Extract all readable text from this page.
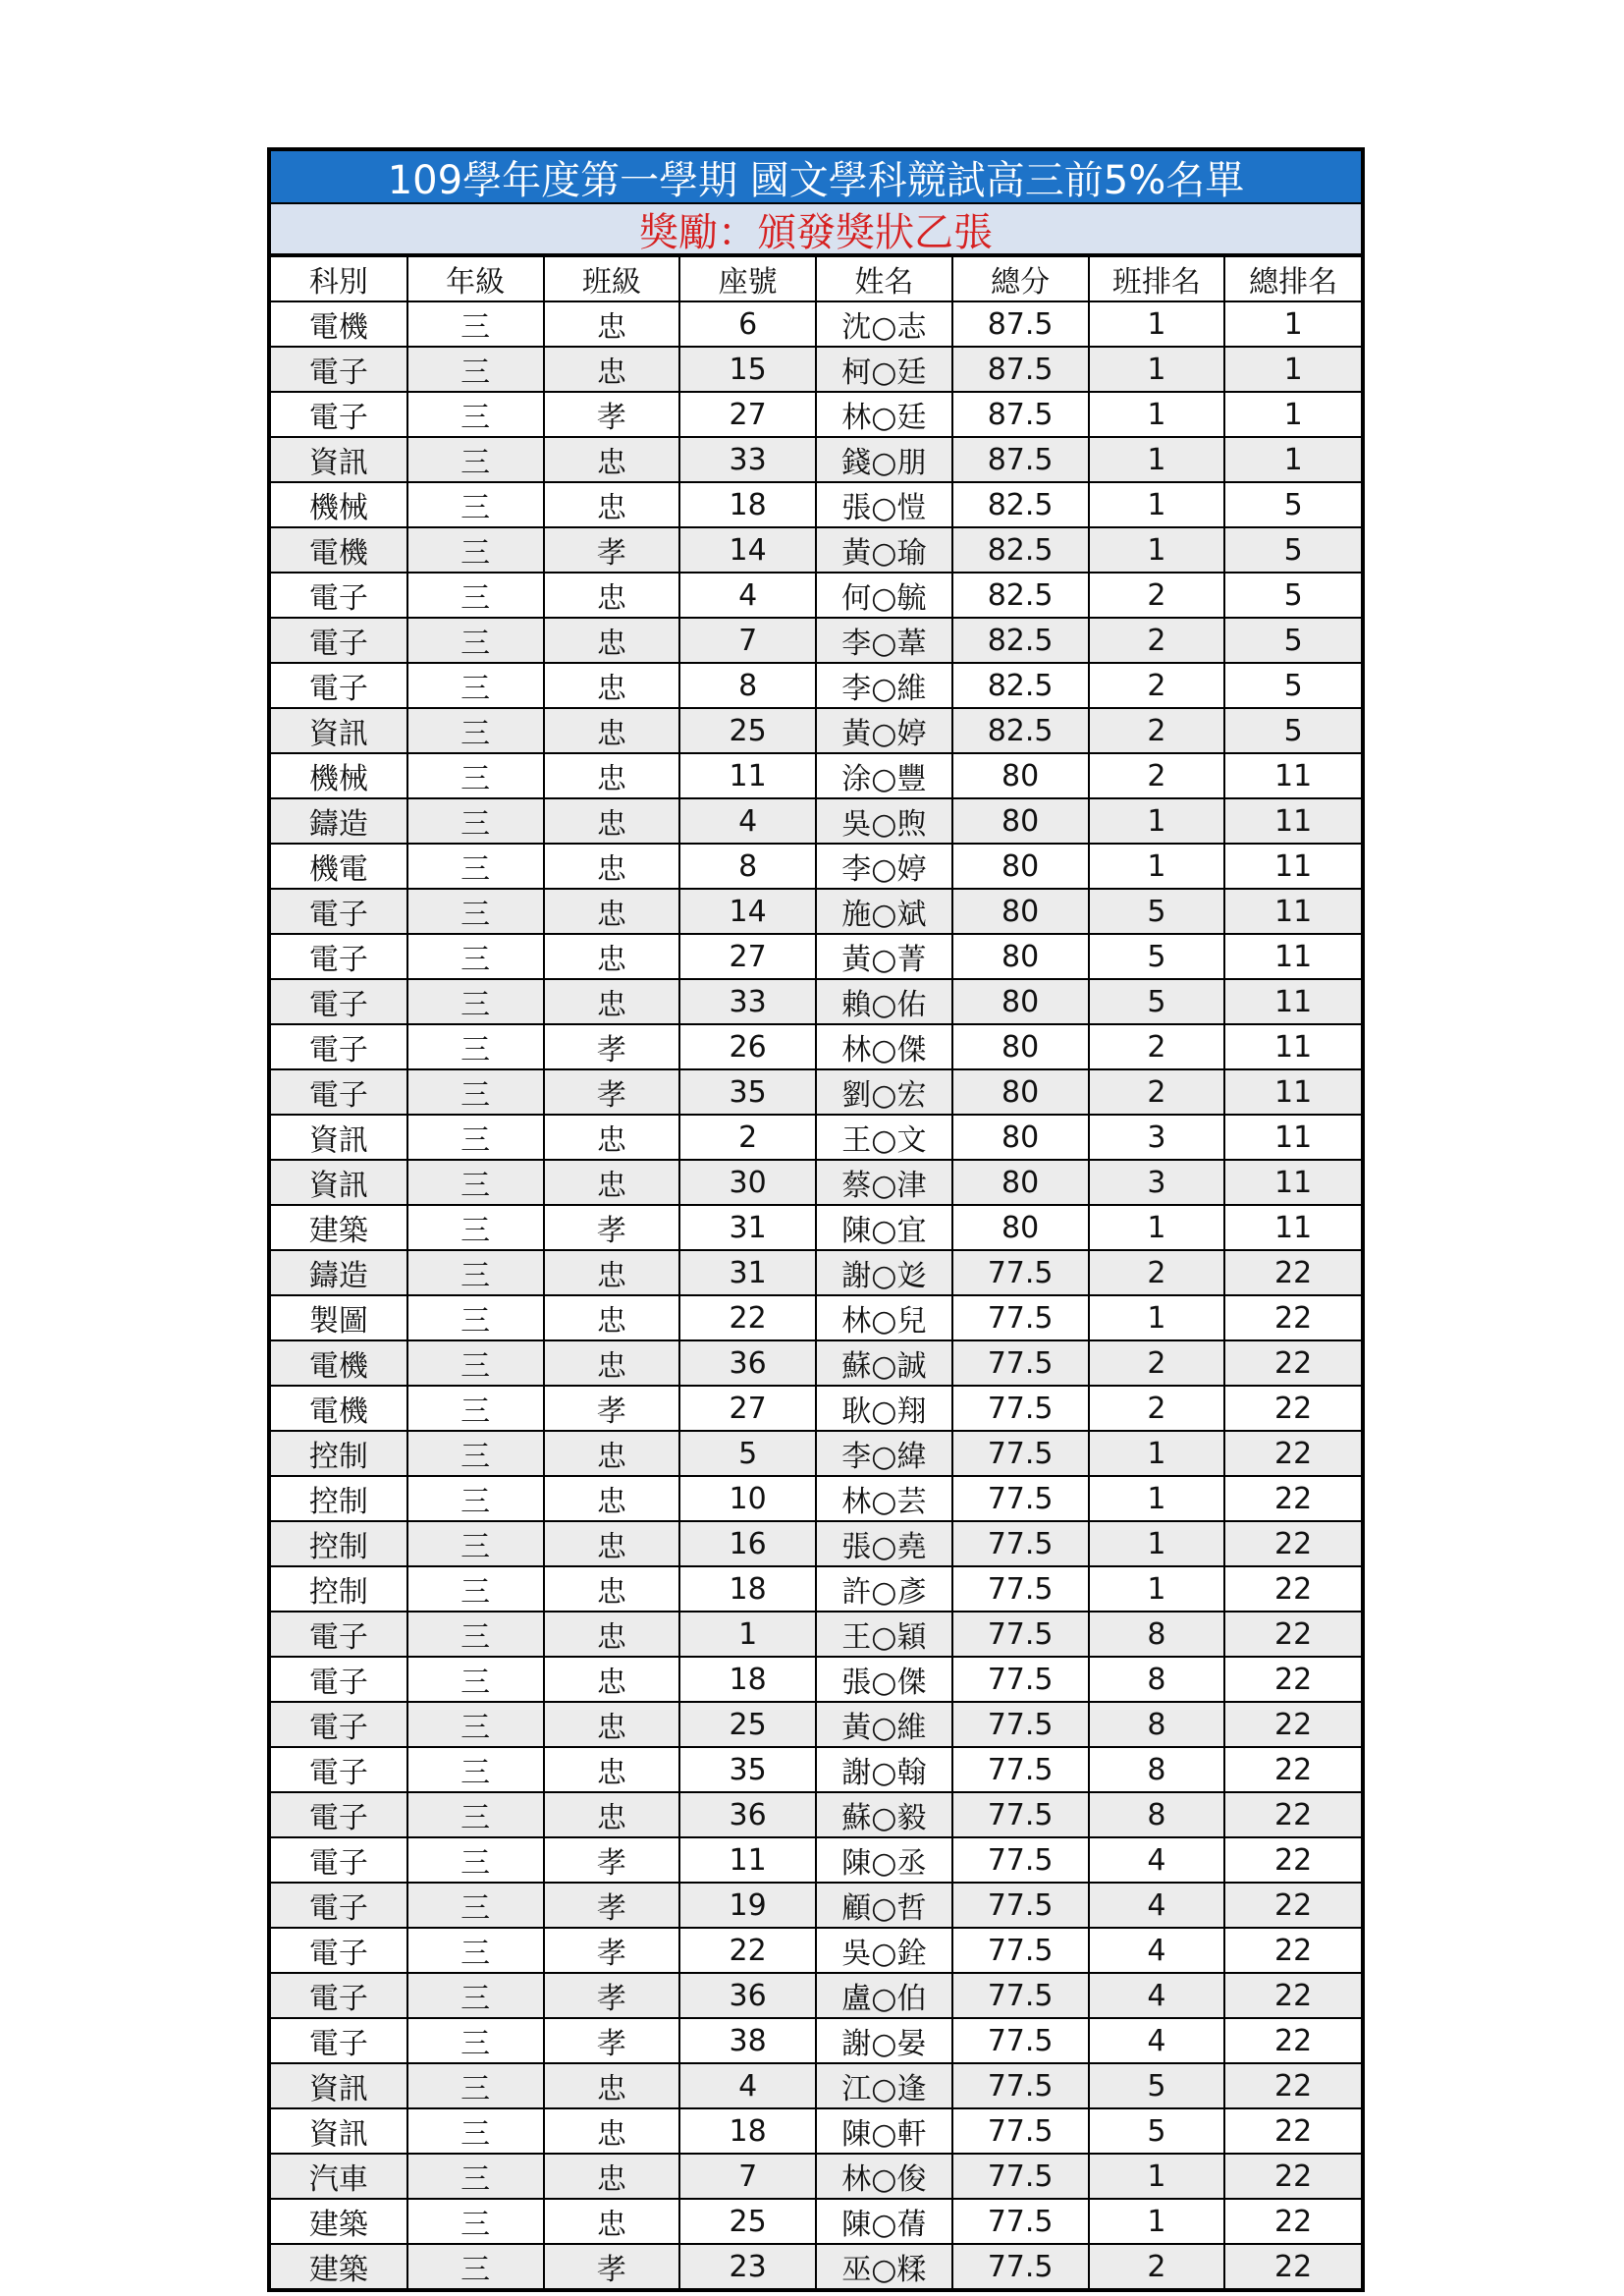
109學年度第一學期 國文學科競試高三前5%名單
獎勵：頒發獎狀乙張
科別	年級	班級	座號	姓名	總分	班排名	總排名
電機	三	忠	6	沈○志	87.5	1	1
電子	三	忠	15	柯○廷	87.5	1	1
電子	三	孝	27	林○廷	87.5	1	1
資訊	三	忠	33	錢○朋	87.5	1	1
機械	三	忠	18	張○愷	82.5	1	5
電機	三	孝	14	黃○瑜	82.5	1	5
電子	三	忠	4	何○毓	82.5	2	5
電子	三	忠	7	李○葦	82.5	2	5
電子	三	忠	8	李○維	82.5	2	5
資訊	三	忠	25	黃○婷	82.5	2	5
機械	三	忠	11	涂○豐	80	2	11
鑄造	三	忠	4	吳○煦	80	1	11
機電	三	忠	8	李○婷	80	1	11
電子	三	忠	14	施○斌	80	5	11
電子	三	忠	27	黃○菁	80	5	11
電子	三	忠	33	賴○佑	80	5	11
電子	三	孝	26	林○傑	80	2	11
電子	三	孝	35	劉○宏	80	2	11
資訊	三	忠	2	王○文	80	3	11
資訊	三	忠	30	蔡○津	80	3	11
建築	三	孝	31	陳○宜	80	1	11
鑄造	三	忠	31	謝○彣	77.5	2	22
製圖	三	忠	22	林○兒	77.5	1	22
電機	三	忠	36	蘇○誠	77.5	2	22
電機	三	孝	27	耿○翔	77.5	2	22
控制	三	忠	5	李○緯	77.5	1	22
控制	三	忠	10	林○芸	77.5	1	22
控制	三	忠	16	張○堯	77.5	1	22
控制	三	忠	18	許○彥	77.5	1	22
電子	三	忠	1	王○穎	77.5	8	22
電子	三	忠	18	張○傑	77.5	8	22
電子	三	忠	25	黃○維	77.5	8	22
電子	三	忠	35	謝○翰	77.5	8	22
電子	三	忠	36	蘇○毅	77.5	8	22
電子	三	孝	11	陳○丞	77.5	4	22
電子	三	孝	19	顧○哲	77.5	4	22
電子	三	孝	22	吳○銓	77.5	4	22
電子	三	孝	36	盧○伯	77.5	4	22
電子	三	孝	38	謝○晏	77.5	4	22
資訊	三	忠	4	江○逢	77.5	5	22
資訊	三	忠	18	陳○軒	77.5	5	22
汽車	三	忠	7	林○俊	77.5	1	22
建築	三	忠	25	陳○蒨	77.5	1	22
建築	三	孝	23	巫○糅	77.5	2	22
